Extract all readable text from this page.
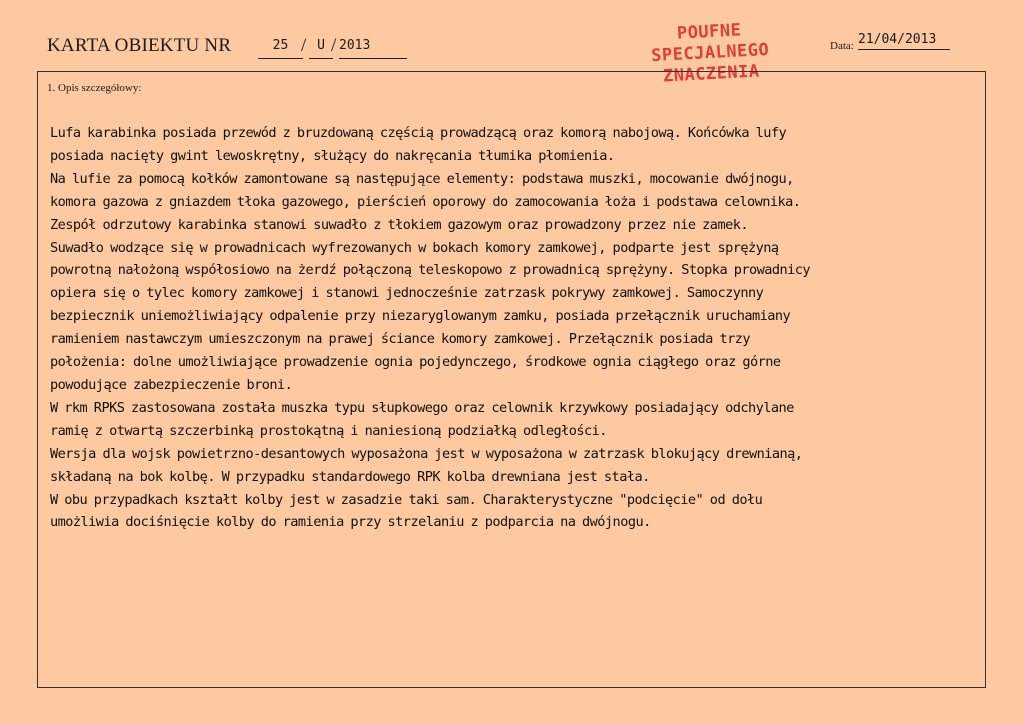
KARTA OBIEKTU NR	25 / U / 2013	Data: 21/04/2013
POUFNE
SPECJALNEGO
ZNACZENIA
1. Opis szczegółowy:
Lufa karabinka posiada przewód z bruzdowaną częścią prowadzącą oraz komorą nabojową. Końcówka lufy
posiada nacięty gwint lewoskrętny, służący do nakręcania tłumika płomienia.
Na lufie za pomocą kołków zamontowane są następujące elementy: podstawa muszki, mocowanie dwójnogu,
komora gazowa z gniazdem tłoka gazowego, pierścień oporowy do zamocowania łoża i podstawa celownika.
Zespół odrzutowy karabinka stanowi suwadło z tłokiem gazowym oraz prowadzony przez nie zamek.
Suwadło wodzące się w prowadnicach wyfrezowanych w bokach komory zamkowej, podparte jest sprężyną
powrotną nałożoną współosiowo na żerdź połączoną teleskopowo z prowadnicą sprężyny. Stopka prowadnicy
opiera się o tylec komory zamkowej i stanowi jednocześnie zatrzask pokrywy zamkowej. Samoczynny
bezpiecznik uniemożliwiający odpalenie przy niezaryglowanym zamku, posiada przełącznik uruchamiany
ramieniem nastawczym umieszczonym na prawej ściance komory zamkowej. Przełącznik posiada trzy
położenia: dolne umożliwiające prowadzenie ognia pojedynczego, środkowe ognia ciągłego oraz górne
powodujące zabezpieczenie broni.
W rkm RPKS zastosowana została muszka typu słupkowego oraz celownik krzywkowy posiadający odchylane
ramię z otwartą szczerbinką prostokątną i naniesioną podziałką odległości.
Wersja dla wojsk powietrzno-desantowych wyposażona jest w wyposażona w zatrzask blokujący drewnianą,
składaną na bok kolbę. W przypadku standardowego RPK kolba drewniana jest stała.
W obu przypadkach kształt kolby jest w zasadzie taki sam. Charakterystyczne "podcięcie" od dołu
umożliwia dociśnięcie kolby do ramienia przy strzelaniu z podparcia na dwójnogu.
